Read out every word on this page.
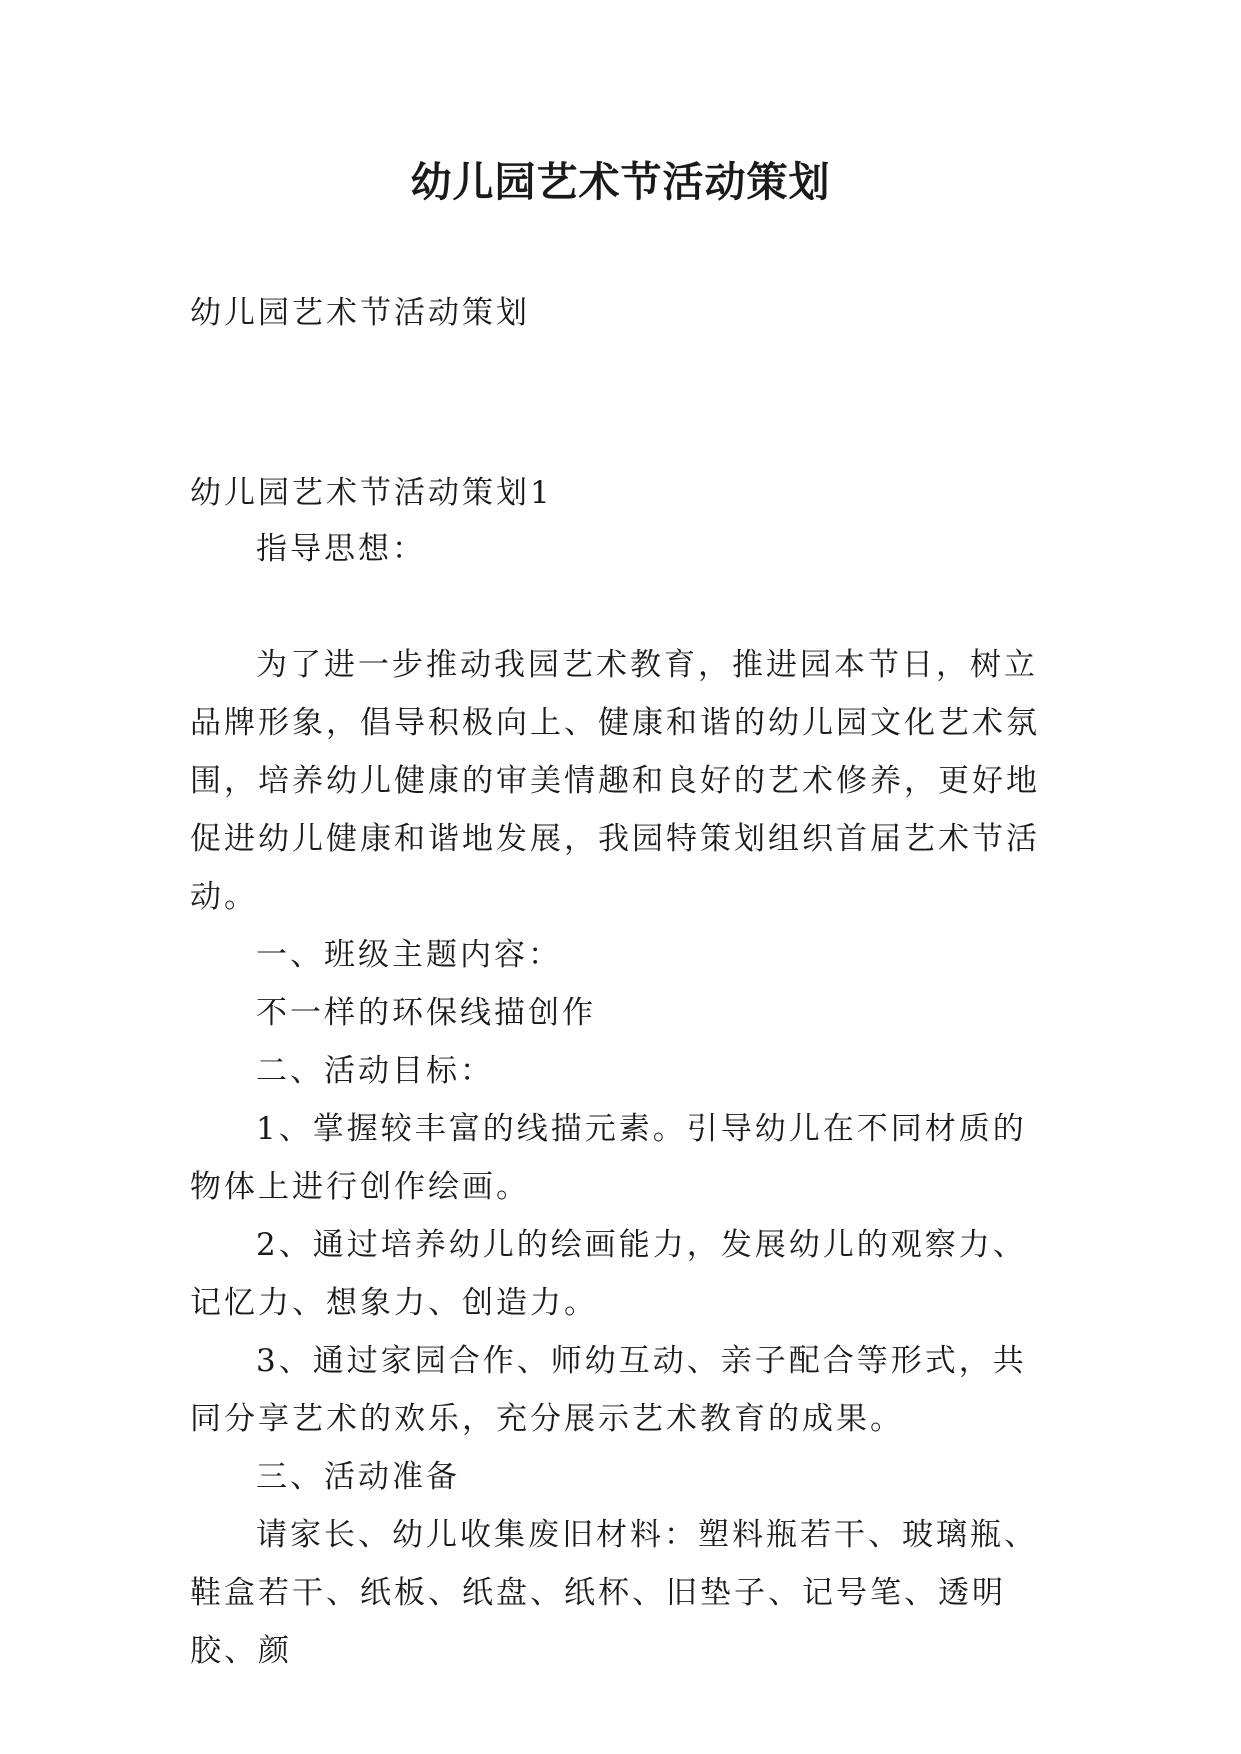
幼儿园艺术节活动策划
幼儿园艺术节活动策划
幼儿园艺术节活动策划1

指导思想：

为了进一步推动我园艺术教育，推进园本节日，树立品牌形象，倡导积极向上、健康和谐的幼儿园文化艺术氛围，培养幼儿健康的审美情趣和良好的艺术修养，更好地促进幼儿健康和谐地发展，我园特策划组织首届艺术节活动。

一、班级主题内容：

不一样的环保线描创作

二、活动目标：

1、掌握较丰富的线描元素。引导幼儿在不同材质的物体上进行创作绘画。

2、通过培养幼儿的绘画能力，发展幼儿的观察力、记忆力、想象力、创造力。

3、通过家园合作、师幼互动、亲子配合等形式，共同分享艺术的欢乐，充分展示艺术教育的成果。

三、活动准备

请家长、幼儿收集废旧材料：塑料瓶若干、玻璃瓶、鞋盒若干、纸板、纸盘、纸杯、旧垫子、记号笔、透明胶、颜
